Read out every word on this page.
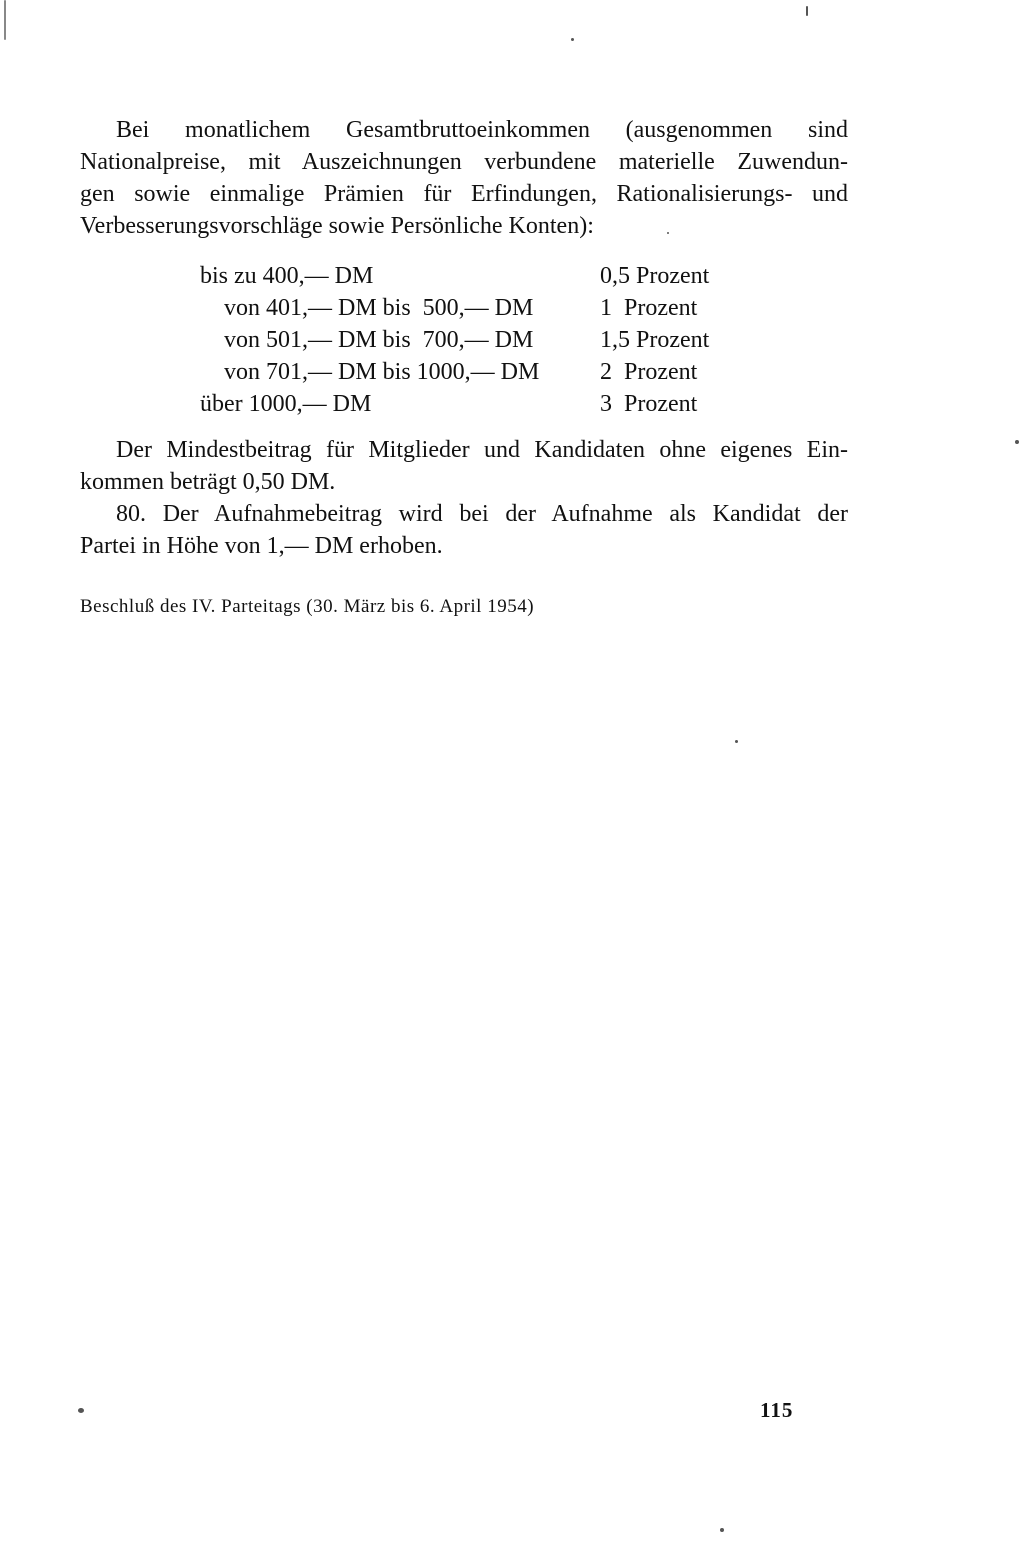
Bei monatlichem Gesamtbruttoeinkommen (ausgenommen sind
Nationalpreise, mit Auszeichnungen verbundene materielle Zuwendun-
gen sowie einmalige Prämien für Erfindungen, Rationalisierungs- und
Verbesserungsvorschläge sowie Persönliche Konten):
bis zu 400,— DM	0,5 Prozent
von 401,— DM bis  500,— DM	1  Prozent
von 501,— DM bis  700,— DM	1,5 Prozent
von 701,— DM bis 1000,— DM	2  Prozent
über 1000,— DM	3  Prozent
Der Mindestbeitrag für Mitglieder und Kandidaten ohne eigenes Ein-
kommen beträgt 0,50 DM.
80. Der Aufnahmebeitrag wird bei der Aufnahme als Kandidat der
Partei in Höhe von 1,— DM erhoben.
Beschluß des IV. Parteitags (30. März bis 6. April 1954)
115
